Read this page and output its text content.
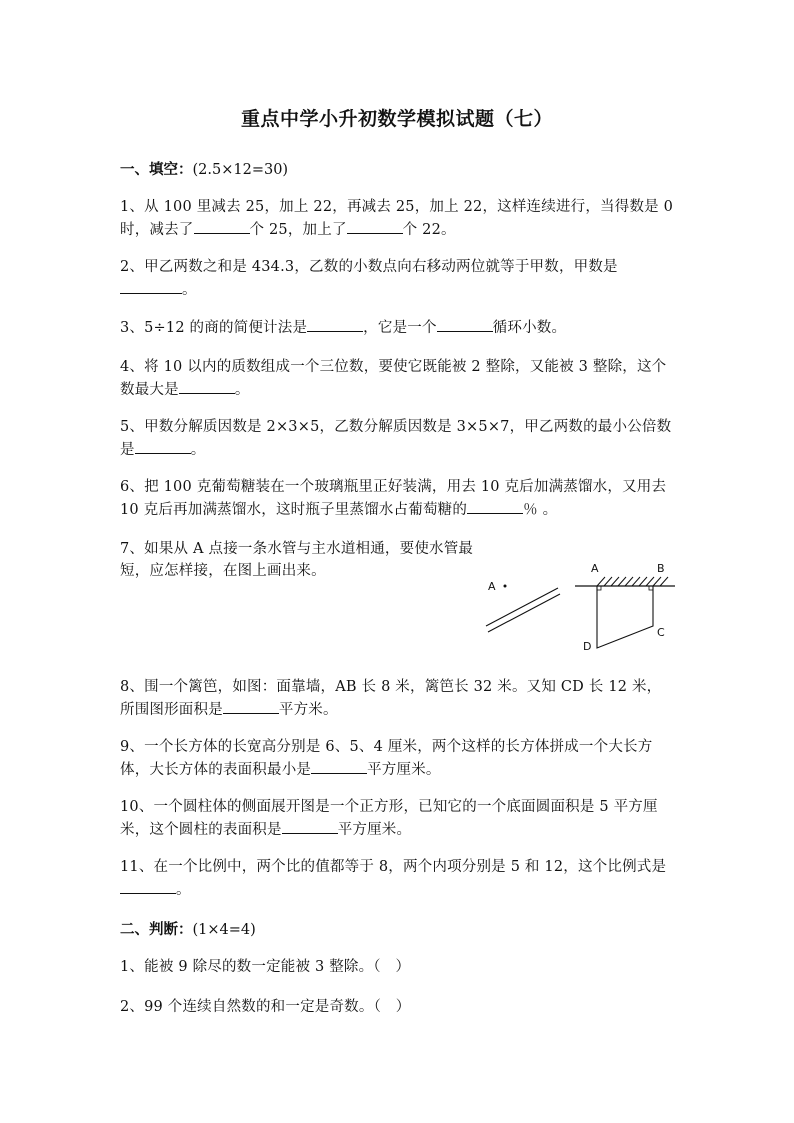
重点中学小升初数学模拟试题（七）
一、填空：(2.5×12=30)
1、从 100 里减去 25，加上 22，再减去 25，加上 22，这样连续进行，当得数是 0 时，减去了	个 25，加上了	个 22。
2、甲乙两数之和是 434.3，乙数的小数点向右移动两位就等于甲数，甲数是。
3、5÷12 的商的简便计法是	，它是一个	循环小数。
4、将 10 以内的质数组成一个三位数，要使它既能被 2 整除，又能被 3 整除，这个数最大是	。
5、甲数分解质因数是 2×3×5，乙数分解质因数是 3×5×7，甲乙两数的最小公倍数是	。
6、把 100 克葡萄糖装在一个玻璃瓶里正好装满，用去 10 克后加满蒸馏水，又用去 10 克后再加满蒸馏水，这时瓶子里蒸馏水占葡萄糖的	％ 。
7、如果从 A 点接一条水管与主水道相通，要使水管最短，应怎样接，在图上画出来。
A
A	B
D
C
8、围一个篱笆，如图：面靠墙，AB 长 8 米，篱笆长 32 米。又知 CD 长 12 米，所围图形面积是	平方米。
9、一个长方体的长宽高分别是 6、5、4 厘米，两个这样的长方体拼成一个大长方体，大长方体的表面积最小是	平方厘米。
10、一个圆柱体的侧面展开图是一个正方形，已知它的一个底面圆面积是 5 平方厘米，这个圆柱的表面积是	平方厘米。
11、在一个比例中，两个比的值都等于 8，两个内项分别是 5 和 12，这个比例式是。
二、判断：(1×4=4)
1、能被 9 除尽的数一定能被 3 整除。（　）
2、99 个连续自然数的和一定是奇数。（　）
